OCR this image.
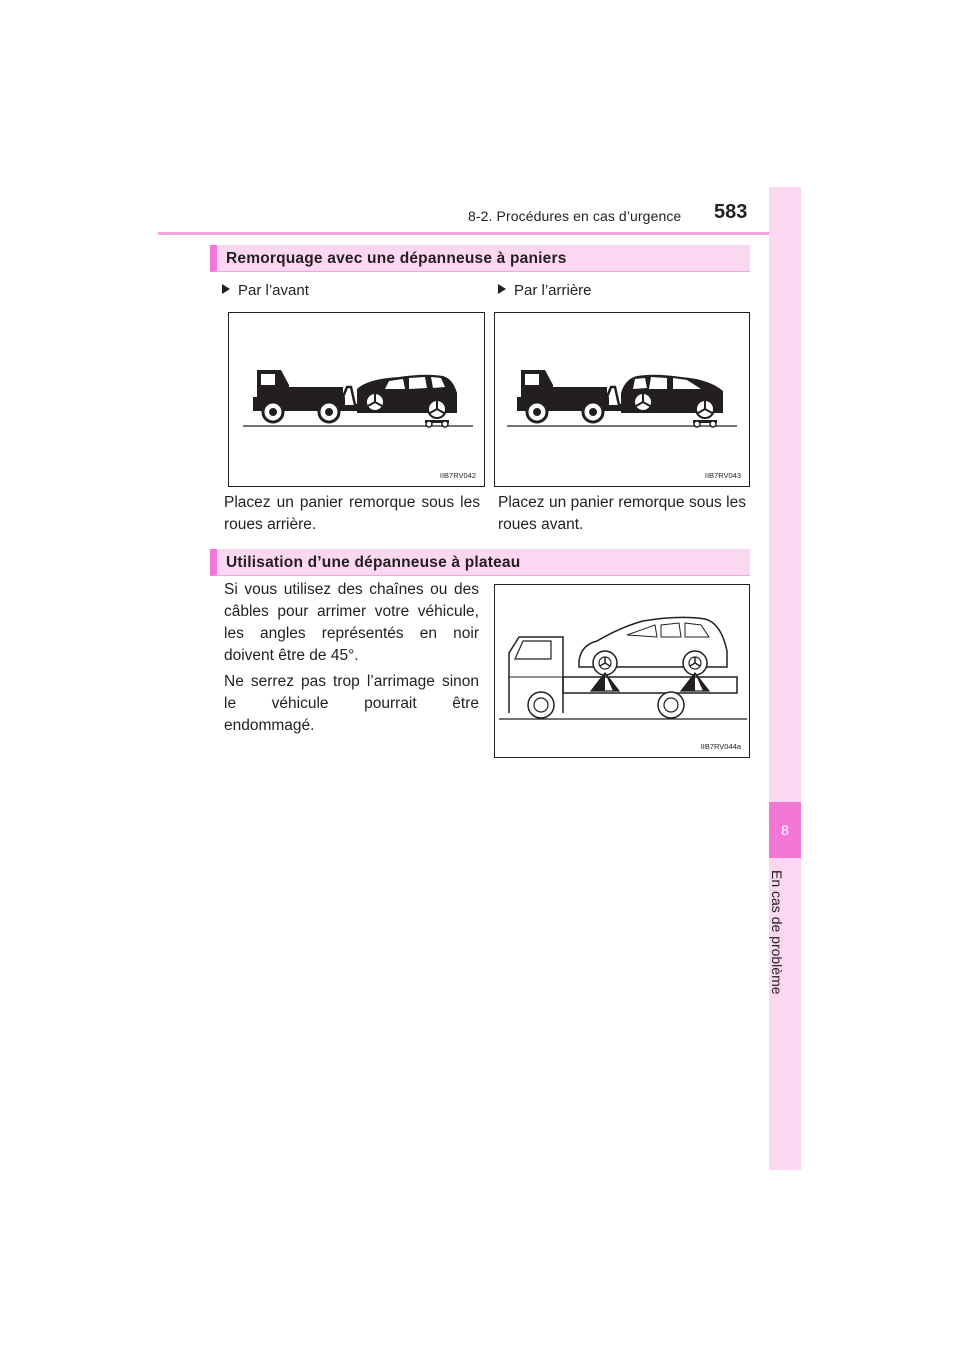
8-2. Procédures en cas d’urgence 583
8
En cas de problème
Remorquage avec une dépanneuse à paniers
Par l’avant	Par l’arrière
IIB7RV042	IIB7RV043
Placez un panier remorque sous les roues arrière.
Placez un panier remorque sous les roues avant.
Utilisation d’une dépanneuse à plateau
Si vous utilisez des chaînes ou des câbles pour arrimer votre véhicule, les angles représentés en noir doivent être de 45°.
Ne serrez pas trop l’arrimage sinon le véhicule pourrait être endommagé.
IIB7RV044a
